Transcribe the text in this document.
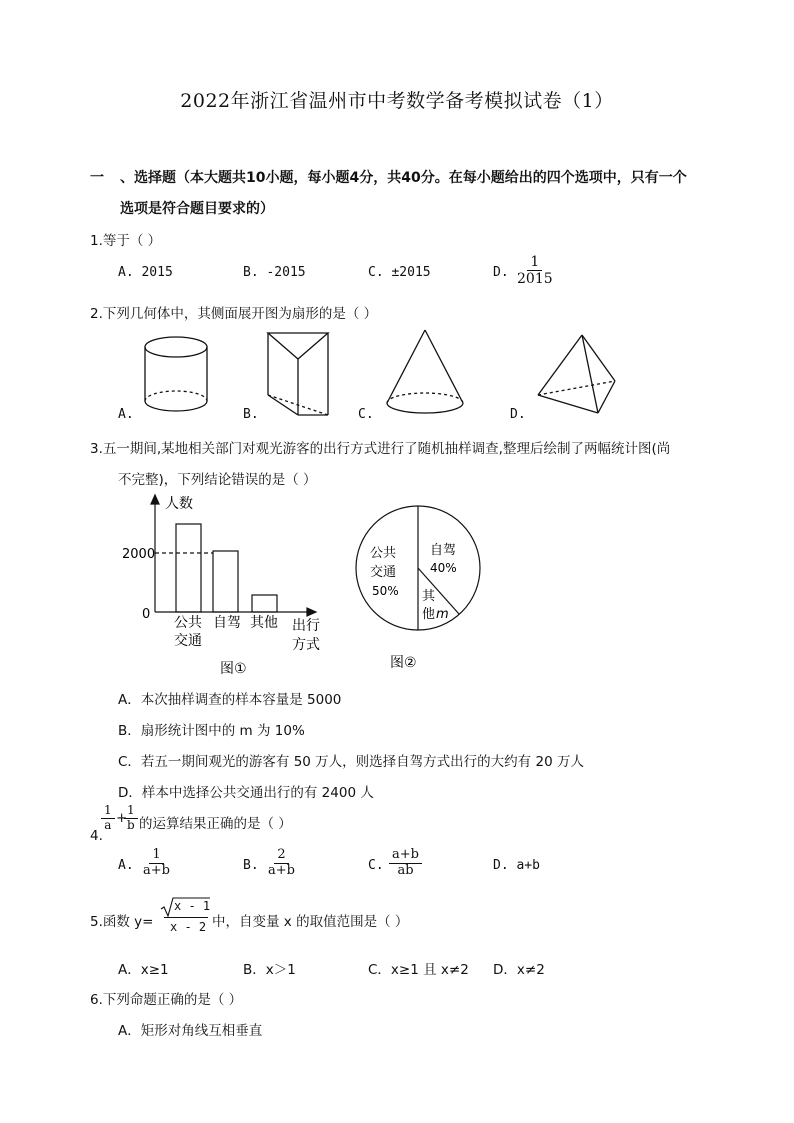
2022年浙江省温州市中考数学备考模拟试卷（1）
一 、选择题（本大题共10小题，每小题4分，共40分。在每小题给出的四个选项中，只有一个
选项是符合题目要求的）
1.等于（ ）
A. 2015	B. -2015	C. ±2015	D. $\frac{1}{2015}$
2.下列几何体中，其侧面展开图为扇形的是（ ）
A.	B.	C.	D.
3.五一期间,某地相关部门对观光游客的出行方式进行了随机抽样调查,整理后绘制了两幅统计图(尚
不完整)，下列结论错误的是（ ）
人数
2000
0
公共
交通
自驾 其他 出行
方式
图①
公共
交通
50%
自驾
40%
其
他 m
图②
A．本次抽样调查的样本容量是 5000
B．扇形统计图中的 m 为 10%
C．若五一期间观光的游客有 50 万人，则选择自驾方式出行的大约有 20 万人
D．样本中选择公共交通出行的有 2400 人
4.
$\frac{1}{a}$ +
$\frac{1}{b}$ 的运算结果正确的是（ ）
A. $\frac{1}{a+b}$	B. $\frac{2}{a+b}$	C. $\frac{a+b}{ab}$	D. a+b
5.函数 y=
x - 1
x - 2 中，自变量 x 的取值范围是（ ）
A．x≥1	B．x＞1	C．x≥1 且 x≠2 D．x≠2
6.下列命题正确的是（ ）
A．矩形对角线互相垂直
